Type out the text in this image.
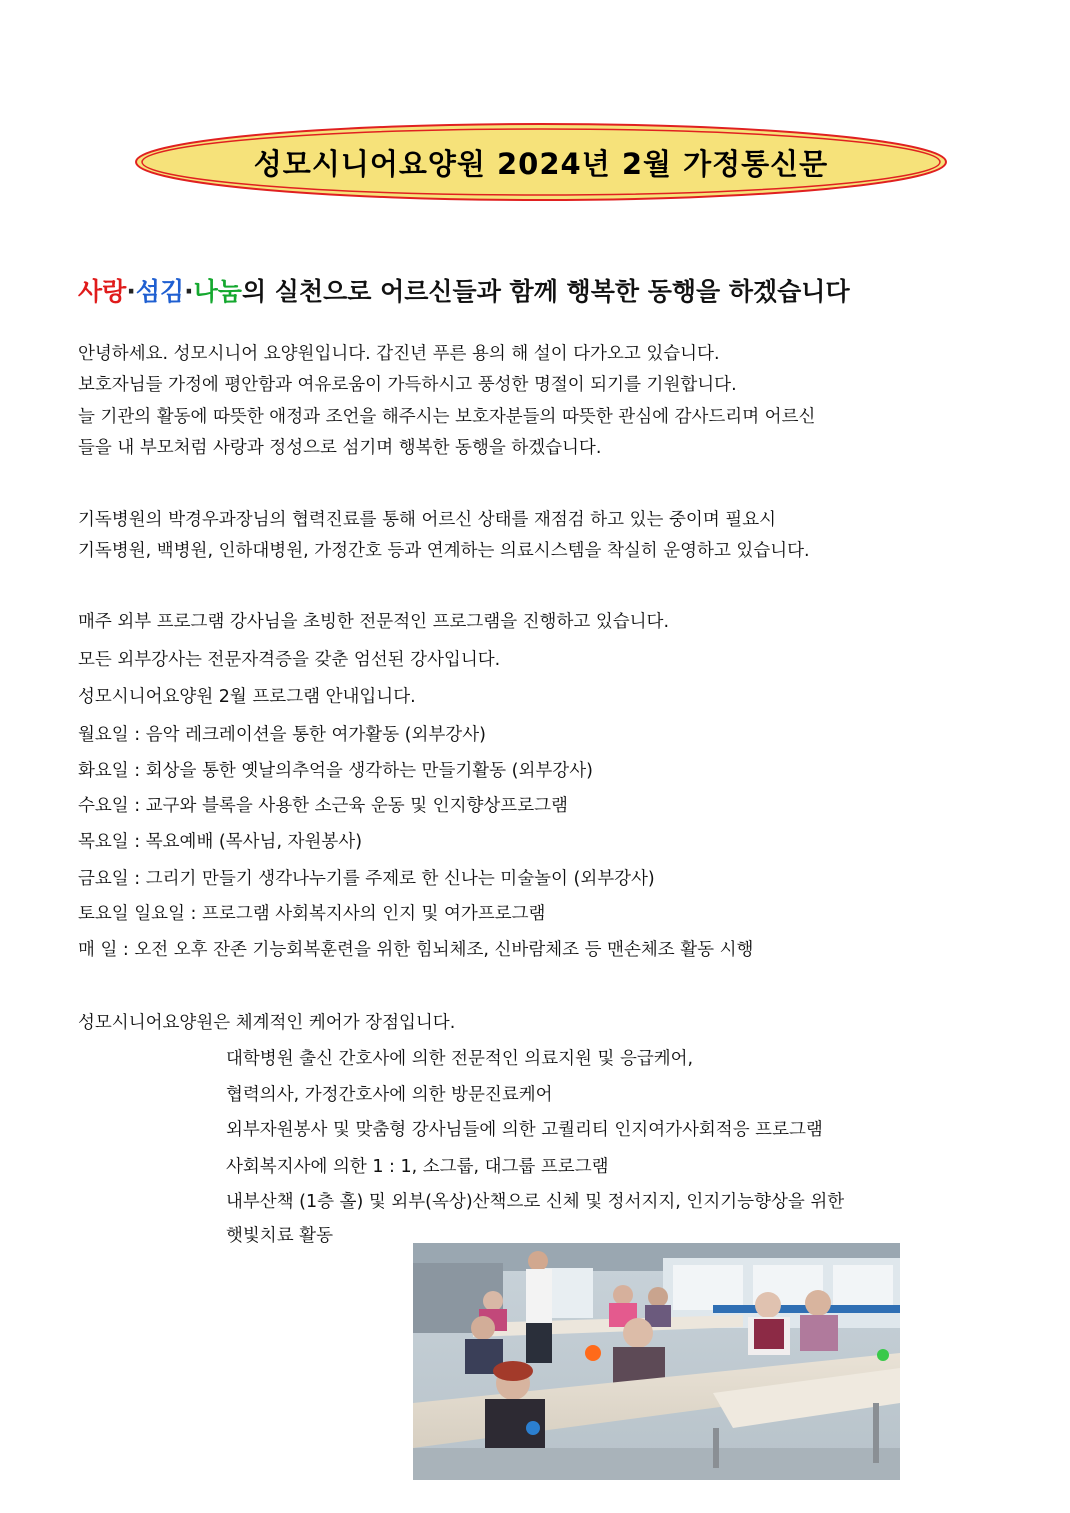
성모시니어요양원 2024년 2월 가정통신문
사랑·섬김·나눔의 실천으로 어르신들과 함께 행복한 동행을 하겠습니다
안녕하세요. 성모시니어 요양원입니다. 갑진년 푸른 용의 해 설이 다가오고 있습니다.
보호자님들 가정에 평안함과 여유로움이 가득하시고 풍성한 명절이 되기를 기원합니다.
늘 기관의 활동에 따뜻한 애정과 조언을 해주시는 보호자분들의 따뜻한 관심에 감사드리며 어르신
들을 내 부모처럼 사랑과 정성으로 섬기며 행복한 동행을 하겠습니다.
기독병원의 박경우과장님의 협력진료를 통해 어르신 상태를 재점검 하고 있는 중이며 필요시
기독병원, 백병원, 인하대병원, 가정간호 등과 연계하는 의료시스템을 착실히 운영하고 있습니다.
매주 외부 프로그램 강사님을 초빙한 전문적인 프로그램을 진행하고 있습니다.
모든 외부강사는 전문자격증을 갖춘 엄선된 강사입니다.
성모시니어요양원 2월 프로그램 안내입니다.
월요일 : 음악 레크레이션을 통한 여가활동 (외부강사)
화요일 : 회상을 통한 옛날의추억을 생각하는 만들기활동 (외부강사)
수요일 : 교구와 블록을 사용한 소근육 운동 및 인지향상프로그램
목요일 : 목요예배 (목사님, 자원봉사)
금요일 : 그리기 만들기 생각나누기를 주제로 한 신나는 미술놀이 (외부강사)
토요일 일요일 : 프로그램 사회복지사의 인지 및 여가프로그램
매 일 : 오전 오후 잔존 기능회복훈련을 위한 힘뇌체조, 신바람체조 등 맨손체조 활동 시행
성모시니어요양원은 체계적인 케어가 장점입니다.
대학병원 출신 간호사에 의한 전문적인 의료지원 및 응급케어,
협력의사, 가정간호사에 의한 방문진료케어
외부자원봉사 및 맞춤형 강사님들에 의한 고퀄리티 인지여가사회적응 프로그램
사회복지사에 의한 1 : 1, 소그룹, 대그룹 프로그램
내부산책 (1층 홀) 및 외부(옥상)산책으로 신체 및 정서지지, 인지기능향상을 위한
햇빛치료 활동
